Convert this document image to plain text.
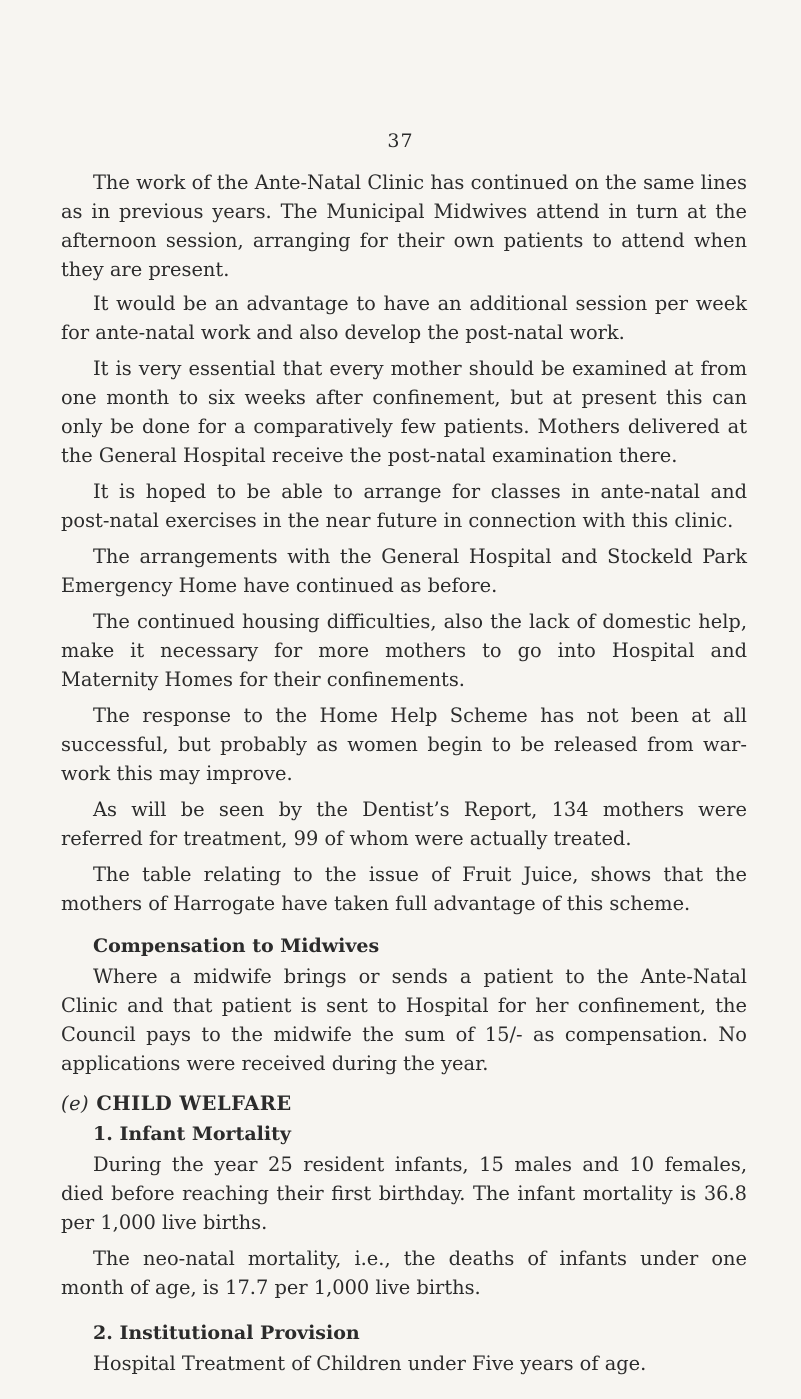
37

The work of the Ante-Natal Clinic has continued on the same lines as in previous years. The Municipal Midwives attend in turn at the afternoon session, arranging for their own patients to attend when they are present.

It would be an advantage to have an additional session per week for ante-natal work and also develop the post-natal work.

It is very essential that every mother should be examined at from one month to six weeks after confinement, but at present this can only be done for a comparatively few patients. Mothers delivered at the General Hospital receive the post-natal examination there.

It is hoped to be able to arrange for classes in ante-natal and post-natal exercises in the near future in connection with this clinic.

The arrangements with the General Hospital and Stockeld Park Emergency Home have continued as before.

The continued housing difficulties, also the lack of domestic help, make it necessary for more mothers to go into Hospital and Maternity Homes for their confinements.

The response to the Home Help Scheme has not been at all successful, but probably as women begin to be released from war-work this may improve.

As will be seen by the Dentist’s Report, 134 mothers were referred for treatment, 99 of whom were actually treated.

The table relating to the issue of Fruit Juice, shows that the mothers of Harrogate have taken full advantage of this scheme.

Compensation to Midwives

Where a midwife brings or sends a patient to the Ante-Natal Clinic and that patient is sent to Hospital for her confinement, the Council pays to the midwife the sum of 15/- as compensation. No applications were received during the year.

(e) CHILD WELFARE
1. Infant Mortality

During the year 25 resident infants, 15 males and 10 females, died before reaching their first birthday. The infant mortality is 36.8 per 1,000 live births.

The neo-natal mortality, i.e., the deaths of infants under one month of age, is 17.7 per 1,000 live births.

2. Institutional Provision

Hospital Treatment of Children under Five years of age.
